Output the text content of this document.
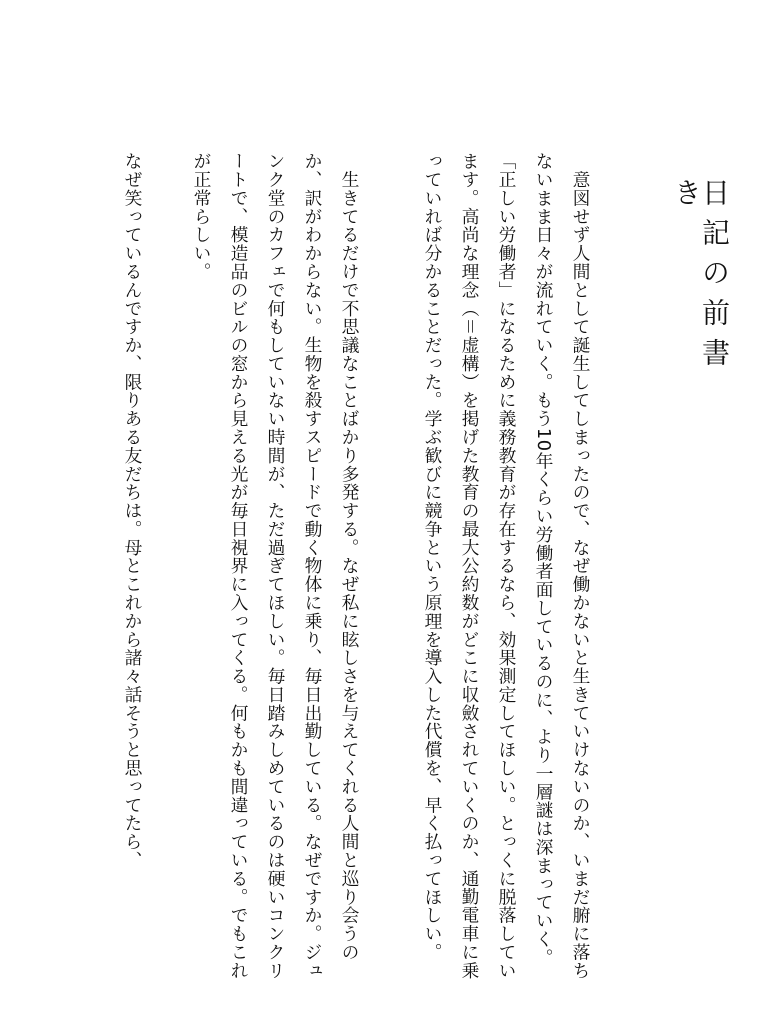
日記の前書き
　意図せず人間として誕生してしまったので、なぜ働かないと生きていけないのか、いまだ腑に落ちないまま日々が流れていく。もう10年くらい労働者面しているのに、より一層謎は深まっていく。「正しい労働者」になるために義務教育が存在するなら、効果測定してほしい。とっくに脱落しています。高尚な理念（＝虚構）を掲げた教育の最大公約数がどこに収斂されていくのか、通勤電車に乗っていれば分かることだった。学ぶ歓びに競争という原理を導入した代償を、早く払ってほしい。
　生きてるだけで不思議なことばかり多発する。なぜ私に眩しさを与えてくれる人間と巡り会うのか、訳がわからない。生物を殺すスピードで動く物体に乗り、毎日出勤している。なぜですか。ジュンク堂のカフェで何もしていない時間が、ただ過ぎてほしい。毎日踏みしめているのは硬いコンクリートで、模造品のビルの窓から見える光が毎日視界に入ってくる。何もかも間違っている。でもこれが正常らしい。
なぜ笑っているんですか、限りある友だちは。母とこれから諸々話そうと思ってたら、
